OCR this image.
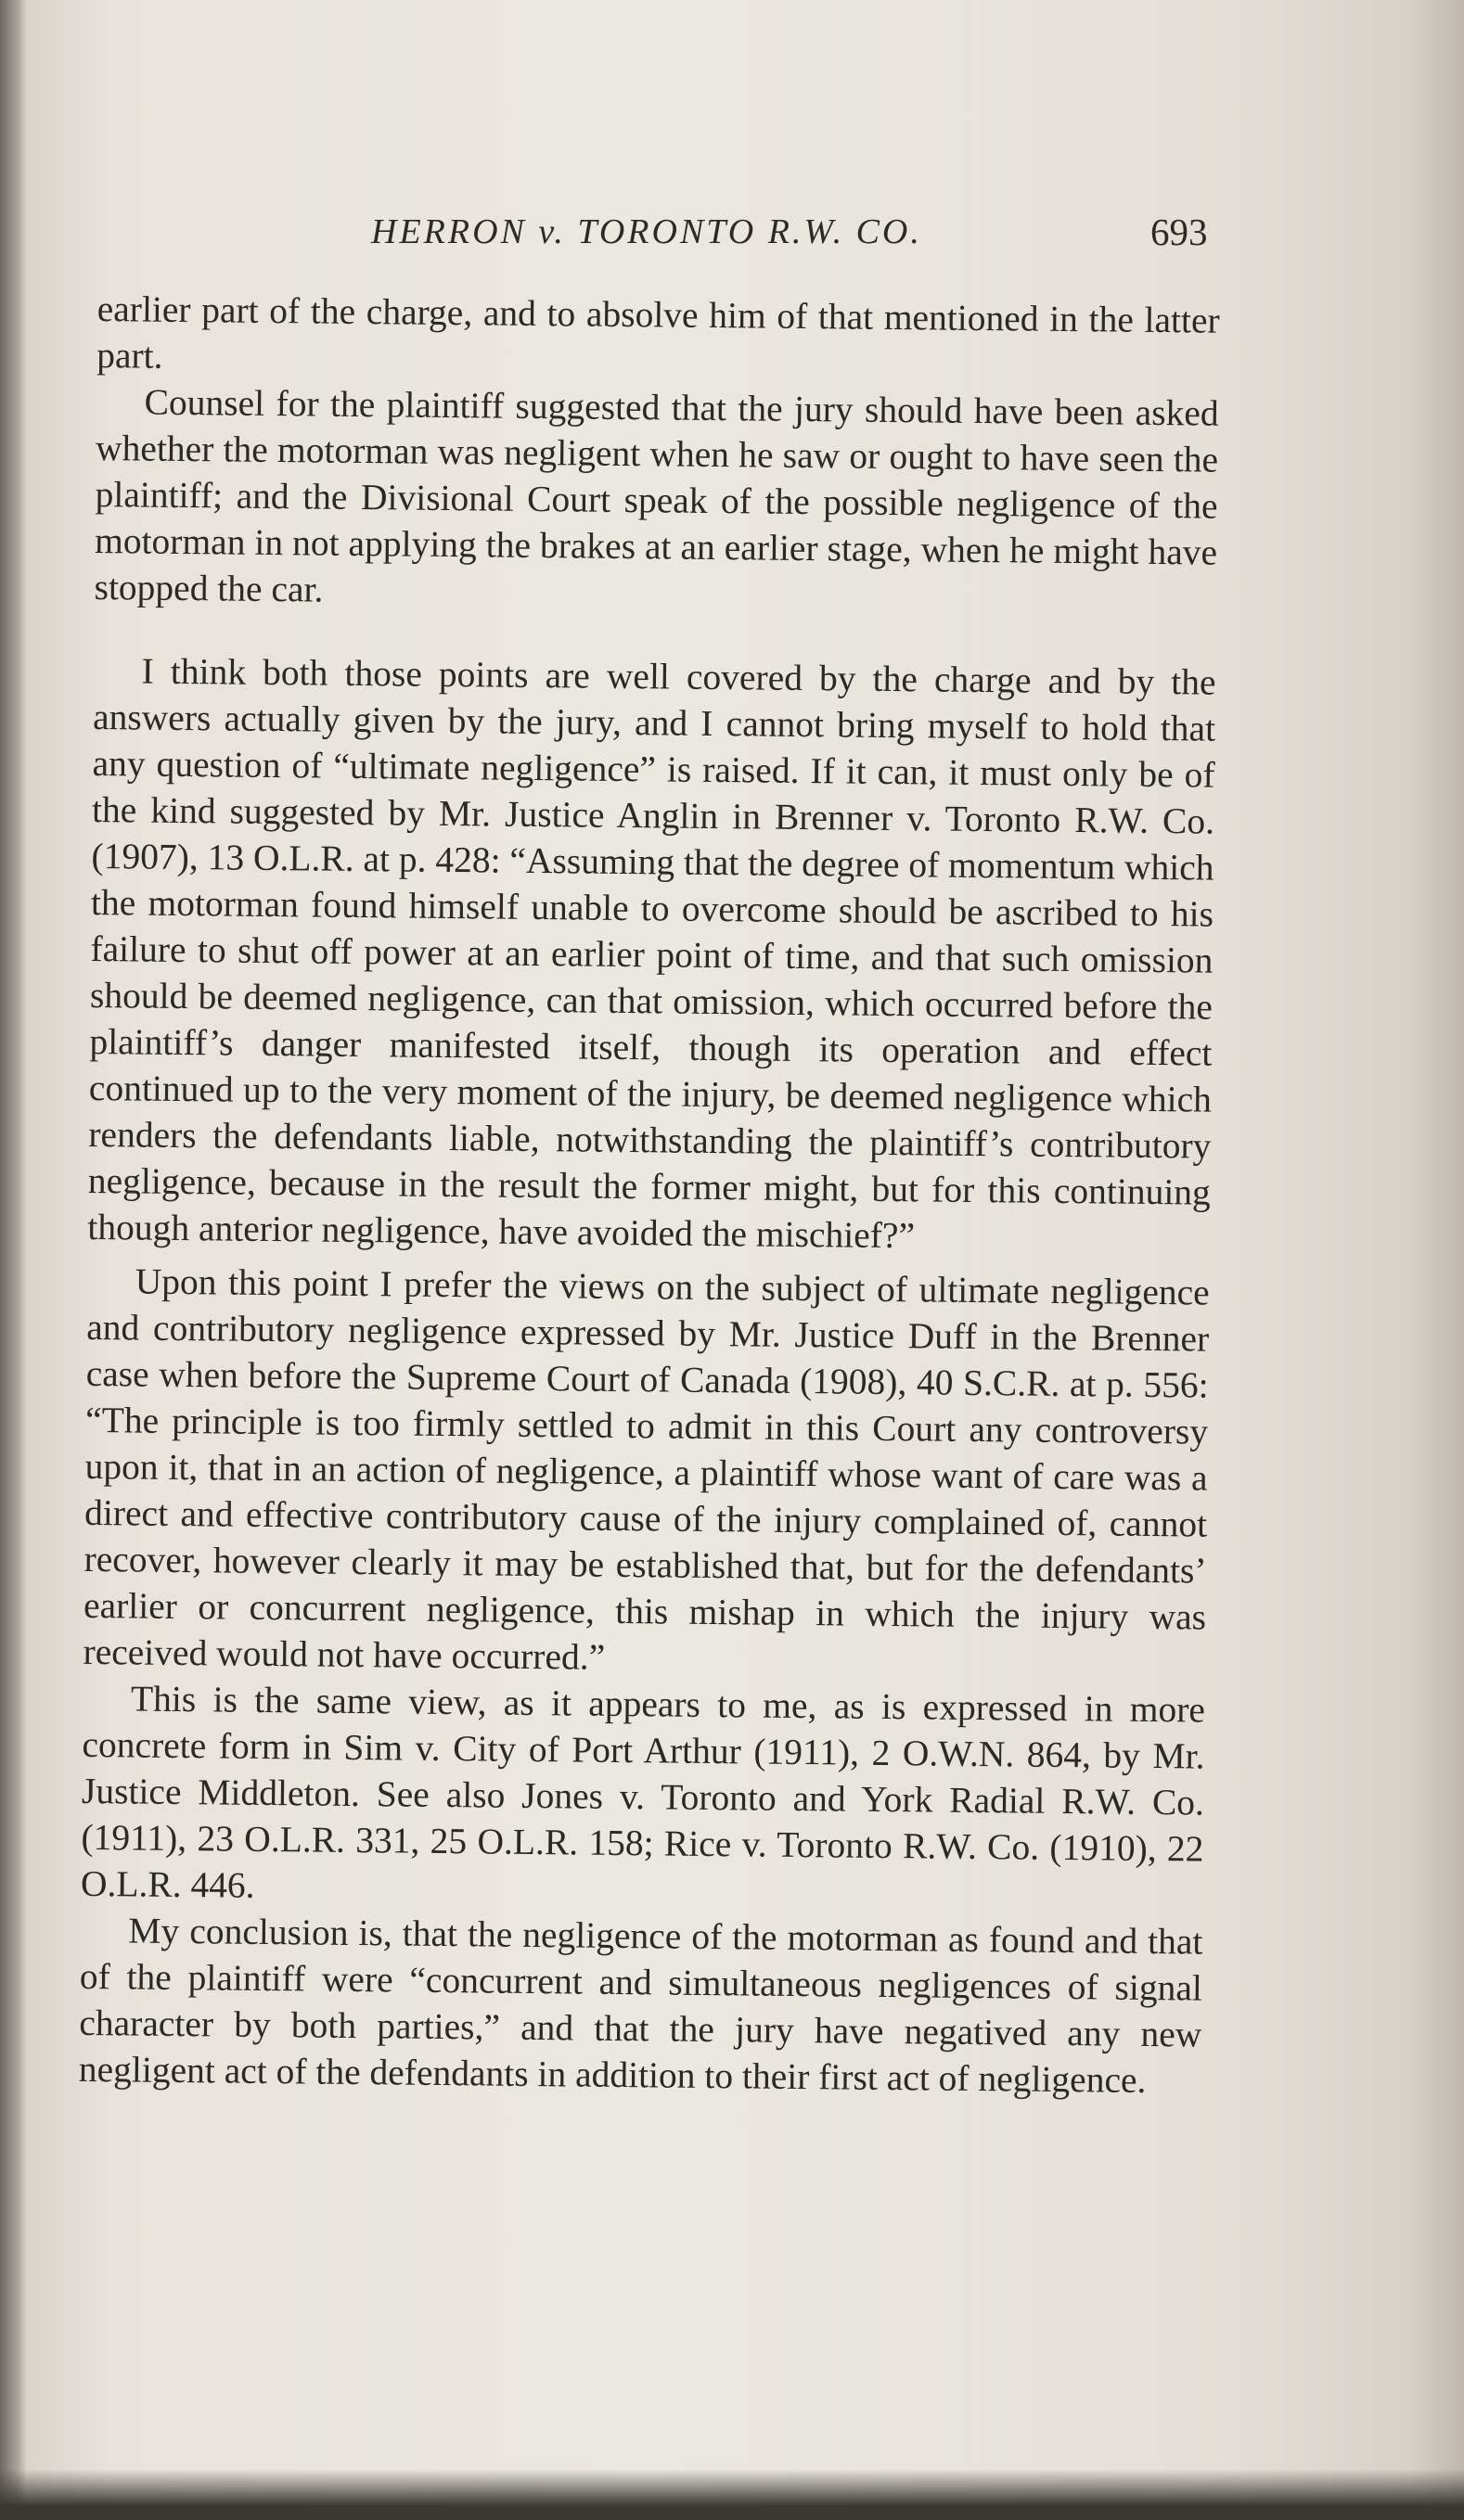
HERRON v. TORONTO R.W. CO.	693

earlier part of the charge, and to absolve him of that mentioned in the latter part.

Counsel for the plaintiff suggested that the jury should have been asked whether the motorman was negligent when he saw or ought to have seen the plaintiff; and the Divisional Court speak of the possible negligence of the motorman in not applying the brakes at an earlier stage, when he might have stopped the car.

I think both those points are well covered by the charge and by the answers actually given by the jury, and I cannot bring myself to hold that any question of “ultimate negligence” is raised. If it can, it must only be of the kind suggested by Mr. Justice Anglin in Brenner v. Toronto R.W. Co. (1907), 13 O.L.R. at p. 428: “Assuming that the degree of momentum which the motorman found himself unable to overcome should be ascribed to his failure to shut off power at an earlier point of time, and that such omission should be deemed negligence, can that omission, which occurred before the plaintiff’s danger manifested itself, though its operation and effect continued up to the very moment of the injury, be deemed negligence which renders the defendants liable, notwithstanding the plaintiff’s contributory negligence, because in the result the former might, but for this continuing though anterior negligence, have avoided the mischief?”

Upon this point I prefer the views on the subject of ultimate negligence and contributory negligence expressed by Mr. Justice Duff in the Brenner case when before the Supreme Court of Canada (1908), 40 S.C.R. at p. 556: “The principle is too firmly settled to admit in this Court any controversy upon it, that in an action of negligence, a plaintiff whose want of care was a direct and effective contributory cause of the injury complained of, cannot recover, however clearly it may be established that, but for the defendants’ earlier or concurrent negligence, this mishap in which the injury was received would not have occurred.”

This is the same view, as it appears to me, as is expressed in more concrete form in Sim v. City of Port Arthur (1911), 2 O.W.N. 864, by Mr. Justice Middleton. See also Jones v. Toronto and York Radial R.W. Co. (1911), 23 O.L.R. 331, 25 O.L.R. 158; Rice v. Toronto R.W. Co. (1910), 22 O.L.R. 446.

My conclusion is, that the negligence of the motorman as found and that of the plaintiff were “concurrent and simultaneous negligences of signal character by both parties,” and that the jury have negatived any new negligent act of the defendants in addition to their first act of negligence.
